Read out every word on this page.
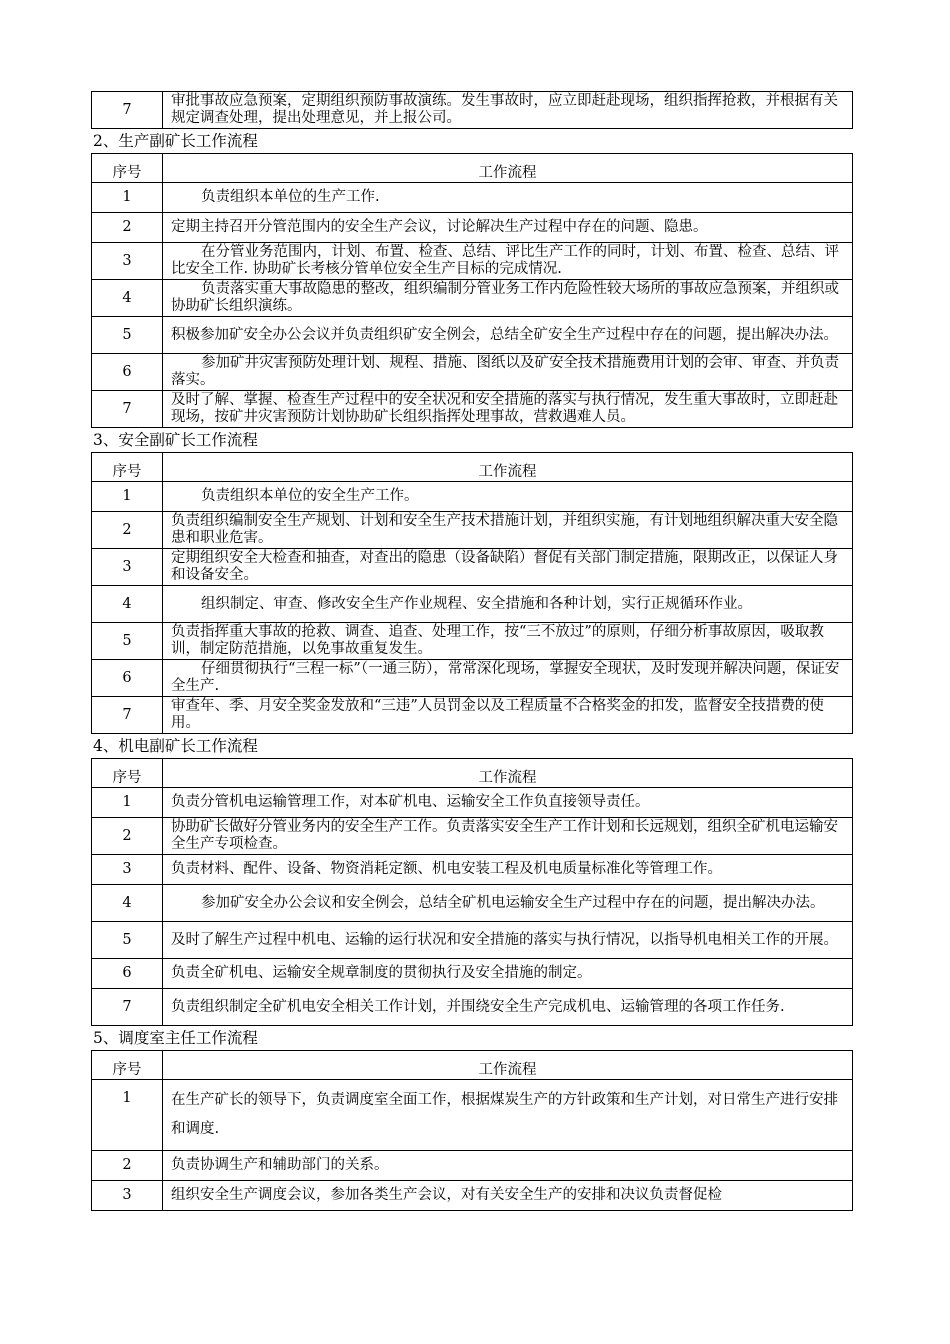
7	审批事故应急预案，定期组织预防事故演练。发生事故时，应立即赶赴现场，组织指挥抢救，并根据有关规定调查处理，提出处理意见，并上报公司。

2、生产副矿长工作流程

序号	工作流程
1	负责组织本单位的生产工作.
2	定期主持召开分管范围内的安全生产会议，讨论解决生产过程中存在的问题、隐患。
3	在分管业务范围内，计划、布置、检查、总结、评比生产工作的同时，计划、布置、检查、总结、评比安全工作. 协助矿长考核分管单位安全生产目标的完成情况.
4	负责落实重大事故隐患的整改，组织编制分管业务工作内危险性较大场所的事故应急预案，并组织或协助矿长组织演练。
5	积极参加矿安全办公会议并负责组织矿安全例会，总结全矿安全生产过程中存在的问题，提出解决办法。
6	参加矿井灾害预防处理计划、规程、措施、图纸以及矿安全技术措施费用计划的会审、审查、并负责落实。
7	及时了解、掌握、检查生产过程中的安全状况和安全措施的落实与执行情况，发生重大事故时，立即赶赴现场，按矿井灾害预防计划协助矿长组织指挥处理事故，营救遇难人员。

3、安全副矿长工作流程

序号	工作流程
1	负责组织本单位的安全生产工作。
2	负责组织编制安全生产规划、计划和安全生产技术措施计划，并组织实施，有计划地组织解决重大安全隐患和职业危害。
3	定期组织安全大检查和抽查，对查出的隐患（设备缺陷）督促有关部门制定措施，限期改正，以保证人身和设备安全。
4	组织制定、审查、修改安全生产作业规程、安全措施和各种计划，实行正规循环作业。
5	负责指挥重大事故的抢救、调查、追查、处理工作，按“三不放过”的原则，仔细分析事故原因，吸取教训，制定防范措施，以免事故重复发生。
6	仔细贯彻执行“三程一标”（一通三防），常常深化现场，掌握安全现状，及时发现并解决问题，保证安全生产.
7	审查年、季、月安全奖金发放和“三违”人员罚金以及工程质量不合格奖金的扣发，监督安全技措费的使用。

4、机电副矿长工作流程

序号	工作流程
1	负责分管机电运输管理工作，对本矿机电、运输安全工作负直接领导责任。
2	协助矿长做好分管业务内的安全生产工作。负责落实安全生产工作计划和长远规划，组织全矿机电运输安全生产专项检查。
3	负责材料、配件、设备、物资消耗定额、机电安装工程及机电质量标准化等管理工作。
4	参加矿安全办公会议和安全例会，总结全矿机电运输安全生产过程中存在的问题，提出解决办法。
5	及时了解生产过程中机电、运输的运行状况和安全措施的落实与执行情况，以指导机电相关工作的开展。
6	负责全矿机电、运输安全规章制度的贯彻执行及安全措施的制定。
7	负责组织制定全矿机电安全相关工作计划，并围绕安全生产完成机电、运输管理的各项工作任务.

5、调度室主任工作流程

序号	工作流程
1	在生产矿长的领导下，负责调度室全面工作，根据煤炭生产的方针政策和生产计划，对日常生产进行安排和调度.
2	负责协调生产和辅助部门的关系。
3	组织安全生产调度会议，参加各类生产会议，对有关安全生产的安排和决议负责督促检
